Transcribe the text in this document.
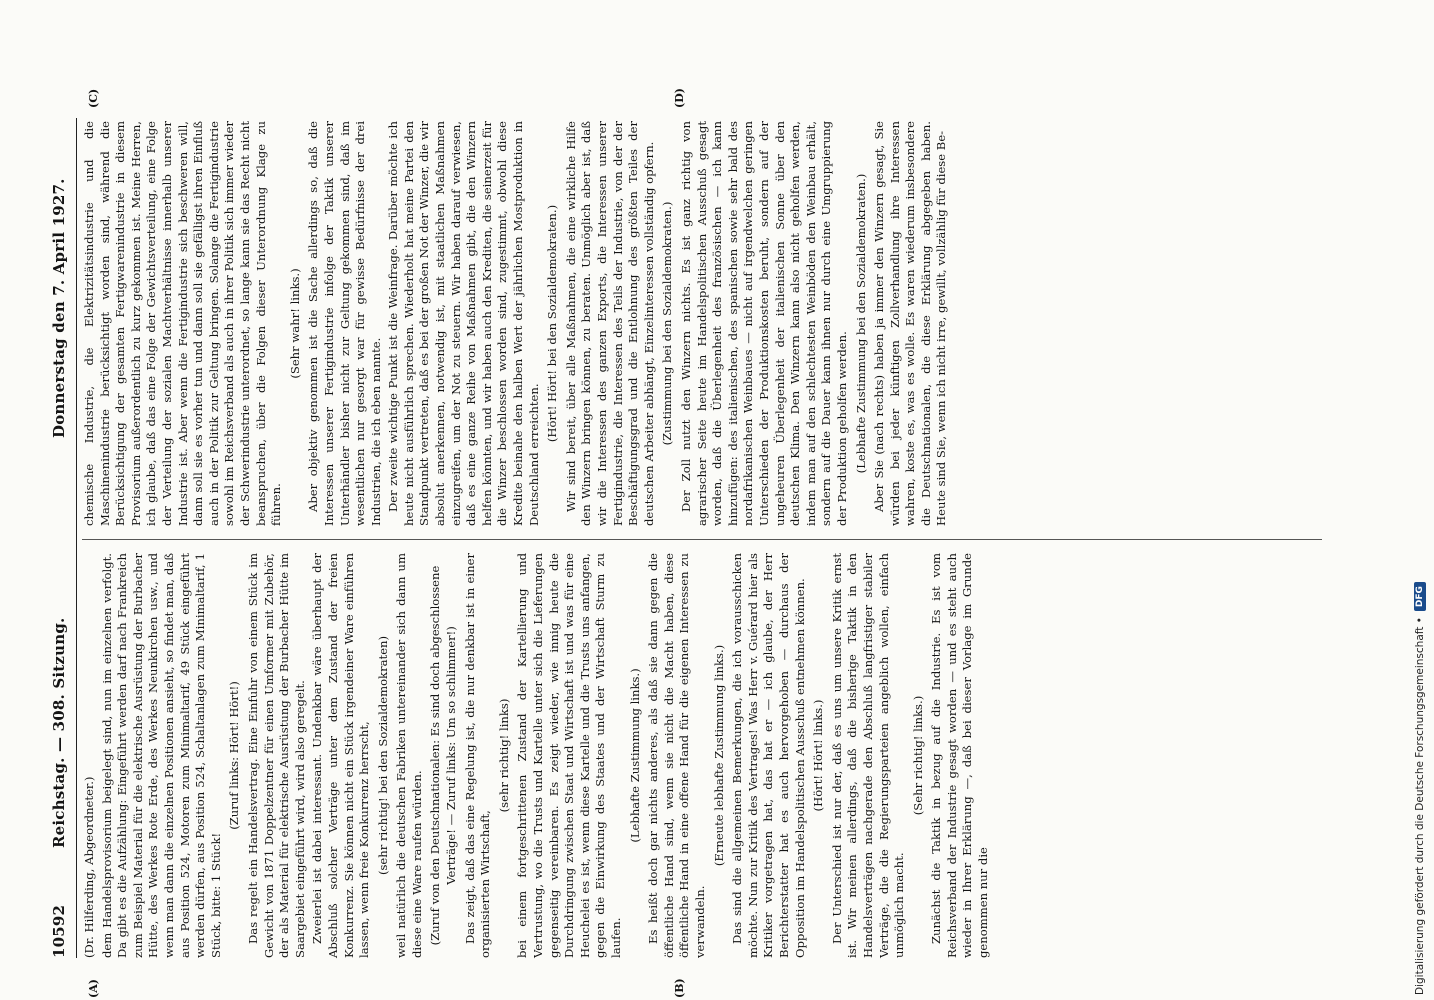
10592
Reichstag. — 308. Sitzung.
Donnerstag den 7. April 1927.
(A)	(B)
(C)	(D)

(Dr. Hilferding, Abgeordneter.) dem Handelsprovisorium beigelegt sind, nun im einzelnen verfolgt. Da gibt es die Aufzählung: Eingeführt werden darf nach Frankreich zum Beispiel Material für die elektrische Ausrüstung der Burbacher Hütte, des Werkes Rote Erde, des Werkes Neunkirchen usw., und wenn man dann die einzelnen Positionen ansieht, so findet man, daß aus Position 524, Motoren zum Minimaltarif, 49 Stück eingeführt werden dürfen, aus Position 524, Schaltanlagen zum Minimaltarif, 1 Stück, bitte: 1 Stück!

(Zuruf links: Hört! Hört!) Das regelt ein Handelsvertrag. Eine Einfuhr von einem Stück im Gewicht von 1871 Doppelzentner für einen Umformer mit Zubehör, der als Material für elektrische Ausrüstung der Burbacher Hütte im Saargebiet eingeführt wird, wird also geregelt. Zweierlei ist dabei interessant. Undenkbar wäre überhaupt der Abschluß solcher Verträge unter dem Zustand der freien Konkurrenz. Sie können nicht ein Stück irgendeiner Ware einführen lassen, wenn freie Konkurrenz herrscht, (sehr richtig! bei den Sozialdemokraten) weil natürlich die deutschen Fabriken untereinander sich dann um diese eine Ware raufen würden. (Zuruf von den Deutschnationalen: Es sind doch abgeschlossene Verträge! — Zuruf links: Um so schlimmer!) Das zeigt, daß das eine Regelung ist, die nur denkbar ist in einer organisierten Wirtschaft,

(sehr richtig! links) bei einem fortgeschrittenen Zustand der Kartellierung und Vertrustung, wo die Trusts und Kartelle unter sich die Lieferungen gegenseitig vereinbaren. Es zeigt wieder, wie innig heute die Durchdringung zwischen Staat und Wirtschaft ist und was für eine Heuchelei es ist, wenn diese Kartelle und die Trusts uns anfangen, gegen die Einwirkung des Staates und der Wirtschaft Sturm zu laufen.

(Lebhafte Zustimmung links.) Es heißt doch gar nichts anderes, als daß sie dann gegen die öffentliche Hand sind, wenn sie nicht die Macht haben, diese öffentliche Hand in eine offene Hand für die eigenen Interessen zu verwandeln.

(Erneute lebhafte Zustimmung links.) Das sind die allgemeinen Bemerkungen, die ich vorausschicken möchte. Nun zur Kritik des Vertrages! Was Herr v. Guérard hier als Kritiker vorgetragen hat, das hat er — ich glaube, der Herr Berichterstatter hat es auch hervorgehoben — durchaus der Opposition im Handelspolitischen Ausschuß entnehmen können. (Hört! Hört! links.) Der Unterschied ist nur der, daß es uns um unsere Kritik ernst ist. Wir meinen allerdings, daß die bisherige Taktik in den Handelsverträgen nachgerade den Abschluß langfristiger stabiler Verträge, die die Regierungsparteien angeblich wollen, einfach unmöglich macht.

(Sehr richtig! links.) Zunächst die Taktik in bezug auf die Industrie. Es ist vom Reichsverband der Industrie gesagt worden — und es steht auch wieder in Ihrer Erklärung —, daß bei dieser Vorlage im Grunde genommen nur die

chemische Industrie, die Elektrizitätsindustrie und die Maschinenindustrie berücksichtigt worden sind, während die Berücksichtigung der gesamten Fertigwarenindustrie in diesem Provisorium außerordentlich zu kurz gekommen ist. Meine Herren, ich glaube, daß das eine Folge der Gewichtsverteilung, eine Folge der Verteilung der sozialen Machtverhältnisse innerhalb unserer Industrie ist. Aber wenn die Fertigindustrie sich beschweren will, dann soll sie es vorher tun und dann soll sie gefälligst ihren Einfluß auch in der Politik zur Geltung bringen. Solange die Fertigindustrie sowohl im Reichsverband als auch in ihrer Politik sich immer wieder der Schwerindustrie unterordnet, so lange kann sie das Recht nicht beanspruchen, über die Folgen dieser Unterordnung Klage zu führen.

(Sehr wahr! links.) Aber objektiv genommen ist die Sache allerdings so, daß die Interessen unserer Fertigindustrie infolge der Taktik unserer Unterhändler bisher nicht zur Geltung gekommen sind, daß im wesentlichen nur gesorgt war für gewisse Bedürfnisse der drei Industrien, die ich eben nannte. Der zweite wichtige Punkt ist die Weinfrage. Darüber möchte ich heute nicht ausführlich sprechen. Wiederholt hat meine Partei den Standpunkt vertreten, daß es bei der großen Not der Winzer, die wir absolut anerkennen, notwendig ist, mit staatlichen Maßnahmen einzugreifen, um der Not zu steuern. Wir haben darauf verwiesen, daß es eine ganze Reihe von Maßnahmen gibt, die den Winzern helfen könnten, und wir haben auch den Krediten, die seinerzeit für die Winzer beschlossen worden sind, zugestimmt, obwohl diese Kredite beinahe den halben Wert der jährlichen Mostproduktion in Deutschland erreichten.

(Hört! Hört! bei den Sozialdemokraten.) Wir sind bereit, über alle Maßnahmen, die eine wirkliche Hilfe den Winzern bringen können, zu beraten. Unmöglich aber ist, daß wir die Interessen des ganzen Exports, die Interessen unserer Fertigindustrie, die Interessen des Teils der Industrie, von der der Beschäftigungsgrad und die Entlohnung des größten Teiles der deutschen Arbeiter abhängt, Einzelinteressen vollständig opfern. (Zustimmung bei den Sozialdemokraten.) Der Zoll nutzt den Winzern nichts. Es ist ganz richtig von agrarischer Seite heute im Handelspolitischen Ausschuß gesagt worden, daß die Überlegenheit des französischen — ich kann hinzufügen: des italienischen, des spanischen sowie sehr bald des nordafrikanischen Weinbaues — nicht auf irgendwelchen geringen Unterschieden der Produktionskosten beruht, sondern auf der ungeheuren Überlegenheit der italienischen Sonne über den deutschen Klima. Den Winzern kann also nicht geholfen werden, indem man auf den schlechtesten Weinböden den Weinbau erhält, sondern auf die Dauer kann ihnen nur durch eine Umgruppierung der Produktion geholfen werden. (Lebhafte Zustimmung bei den Sozialdemokraten.) Aber Sie (nach rechts) haben ja immer den Winzern gesagt, Sie würden bei jeder künftigen Zollverhandlung ihre Interessen wahren, koste es, was es wolle. Es waren wiederum insbesondere die Deutschnationalen, die diese Erklärung abgegeben haben. Heute sind Sie, wenn ich nicht irre, gewillt, vollzählig für diese Be-

Digitalisierung gefördert durch die Deutsche Forschungsgemeinschaft •
DFG
